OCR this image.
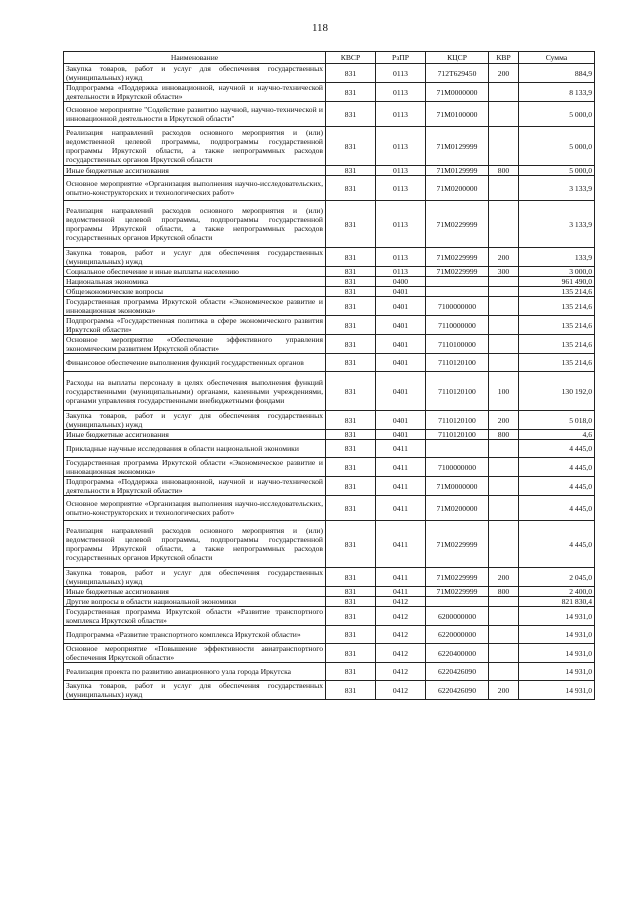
118
Наименование	КВСР	РзПР	КЦСР	КВР	Сумма
Закупка товаров, работ и услуг для обеспечения государственных (муниципальных) нужд	831	0113	712Т629450	200	884,9
Подпрограмма «Поддержка инновационной, научной и научно-технической деятельности в Иркутской области»	831	0113	71М0000000		8 133,9
Основное мероприятие "Содействие развитию научной, научно-технической и инновационной деятельности в Иркутской области"	831	0113	71М0100000		5 000,0
Реализация направлений расходов основного мероприятия и (или) ведомственной целевой программы, подпрограммы государственной программы Иркутской области, а также непрограммных расходов государственных органов Иркутской области	831	0113	71М0129999		5 000,0
Иные бюджетные ассигнования	831	0113	71М0129999	800	5 000,0
Основное мероприятие «Организация выполнения научно-исследовательских, опытно-конструкторских и технологических работ»	831	0113	71М0200000		3 133,9
Реализация направлений расходов основного мероприятия и (или) ведомственной целевой программы, подпрограммы государственной программы Иркутской области, а также непрограммных расходов государственных органов Иркутской области	831	0113	71М0229999		3 133,9
Закупка товаров, работ и услуг для обеспечения государственных (муниципальных) нужд	831	0113	71М0229999	200	133,9
Социальное обеспечение и иные выплаты населению	831	0113	71М0229999	300	3 000,0
Национальная экономика	831	0400			961 490,0
Общеэкономические вопросы	831	0401			135 214,6
Государственная программа Иркутской области «Экономическое развитие и инновационная экономика»	831	0401	7100000000		135 214,6
Подпрограмма «Государственная политика в сфере экономического развития Иркутской области»	831	0401	7110000000		135 214,6
Основное мероприятие «Обеспечение эффективного управления экономическим развитием Иркутской области»	831	0401	7110100000		135 214,6
Финансовое обеспечение выполнения функций государственных органов	831	0401	7110120100		135 214,6
Расходы на выплаты персоналу в целях обеспечения выполнения функций государственными (муниципальными) органами, казенными учреждениями, органами управления государственными внебюджетными фондами	831	0401	7110120100	100	130 192,0
Закупка товаров, работ и услуг для обеспечения государственных (муниципальных) нужд	831	0401	7110120100	200	5 018,0
Иные бюджетные ассигнования	831	0401	7110120100	800	4,6
Прикладные научные исследования в области национальной экономики	831	0411			4 445,0
Государственная программа Иркутской области «Экономическое развитие и инновационная экономика»	831	0411	7100000000		4 445,0
Подпрограмма «Поддержка инновационной, научной и научно-технической деятельности в Иркутской области»	831	0411	71М0000000		4 445,0
Основное мероприятие «Организация выполнения научно-исследовательских, опытно-конструкторских и технологических работ»	831	0411	71М0200000		4 445,0
Реализация направлений расходов основного мероприятия и (или) ведомственной целевой программы, подпрограммы государственной программы Иркутской области, а также непрограммных расходов государственных органов Иркутской области	831	0411	71М0229999		4 445,0
Закупка товаров, работ и услуг для обеспечения государственных (муниципальных) нужд	831	0411	71М0229999	200	2 045,0
Иные бюджетные ассигнования	831	0411	71М0229999	800	2 400,0
Другие вопросы в области национальной экономики	831	0412			821 830,4
Государственная программа Иркутской области «Развитие транспортного комплекса Иркутской области»	831	0412	6200000000		14 931,0
Подпрограмма «Развитие транспортного комплекса Иркутской области»	831	0412	6220000000		14 931,0
Основное мероприятие «Повышение эффективности авиатранспортного обеспечения Иркутской области»	831	0412	6220400000		14 931,0
Реализация проекта по развитию авиационного узла города Иркутска	831	0412	6220426090		14 931,0
Закупка товаров, работ и услуг для обеспечения государственных (муниципальных) нужд	831	0412	6220426090	200	14 931,0
